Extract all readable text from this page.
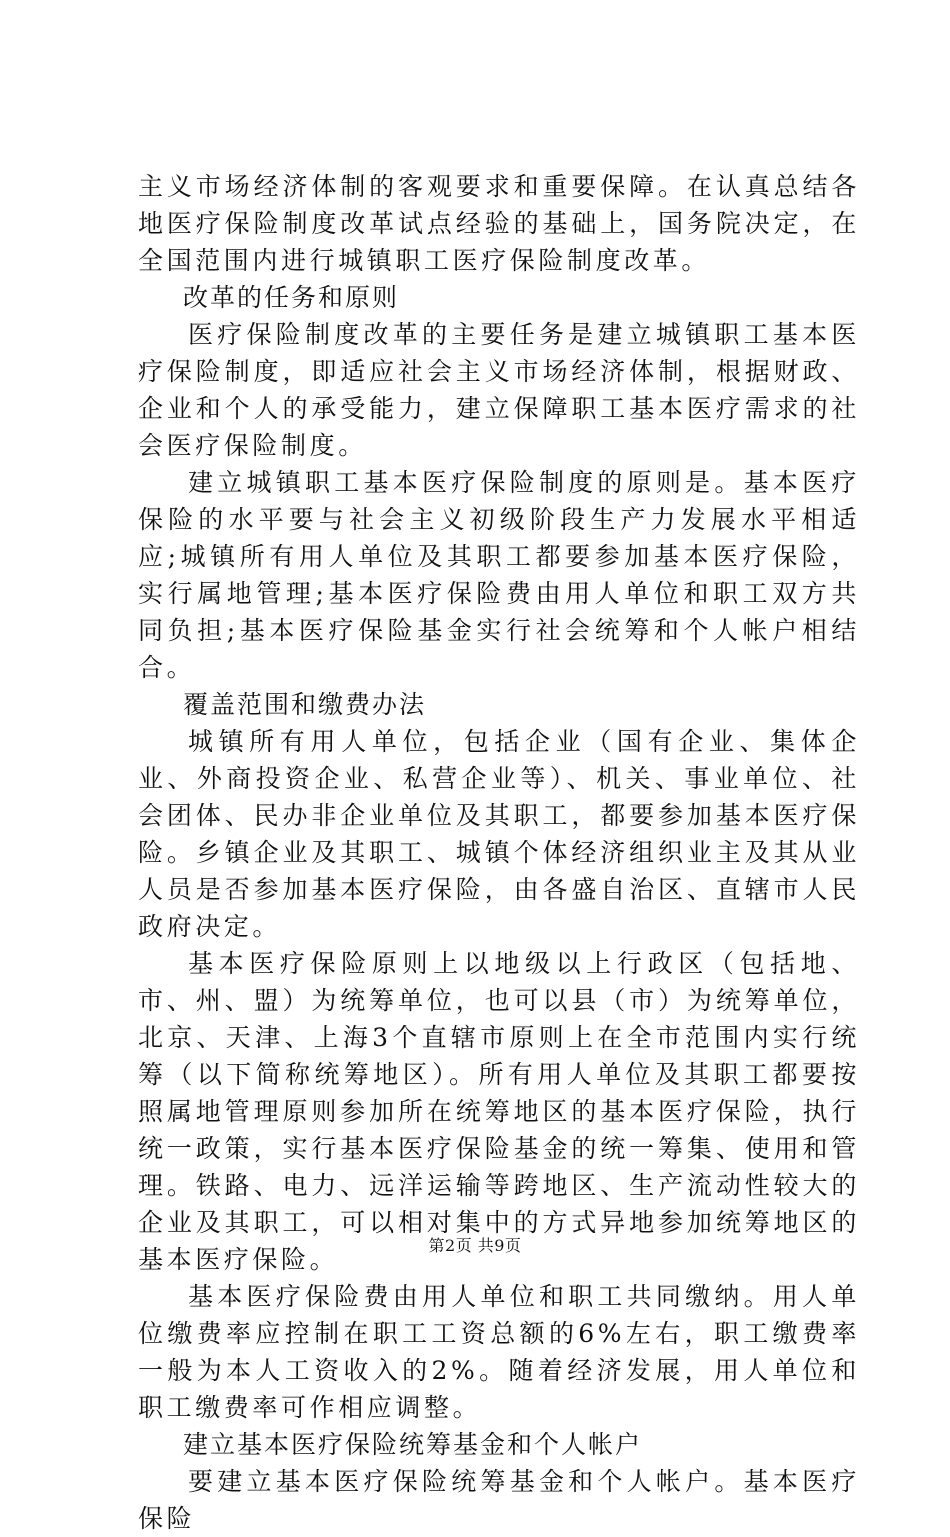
主义市场经济体制的客观要求和重要保障。在认真总结各地医疗保险制度改革试点经验的基础上，国务院决定，在全国范围内进行城镇职工医疗保险制度改革。

改革的任务和原则

医疗保险制度改革的主要任务是建立城镇职工基本医疗保险制度，即适应社会主义市场经济体制，根据财政、企业和个人的承受能力，建立保障职工基本医疗需求的社会医疗保险制度。

建立城镇职工基本医疗保险制度的原则是。基本医疗保险的水平要与社会主义初级阶段生产力发展水平相适应;城镇所有用人单位及其职工都要参加基本医疗保险，实行属地管理;基本医疗保险费由用人单位和职工双方共同负担;基本医疗保险基金实行社会统筹和个人帐户相结合。

覆盖范围和缴费办法

城镇所有用人单位，包括企业（国有企业、集体企业、外商投资企业、私营企业等）、机关、事业单位、社会团体、民办非企业单位及其职工，都要参加基本医疗保险。乡镇企业及其职工、城镇个体经济组织业主及其从业人员是否参加基本医疗保险，由各盛自治区、直辖市人民政府决定。

基本医疗保险原则上以地级以上行政区（包括地、市、州、盟）为统筹单位，也可以县（市）为统筹单位，北京、天津、上海3个直辖市原则上在全市范围内实行统筹（以下简称统筹地区）。所有用人单位及其职工都要按照属地管理原则参加所在统筹地区的基本医疗保险，执行统一政策，实行基本医疗保险基金的统一筹集、使用和管理。铁路、电力、远洋运输等跨地区、生产流动性较大的企业及其职工，可以相对集中的方式异地参加统筹地区的基本医疗保险。

基本医疗保险费由用人单位和职工共同缴纳。用人单位缴费率应控制在职工工资总额的6%左右，职工缴费率一般为本人工资收入的2%。随着经济发展，用人单位和职工缴费率可作相应调整。

建立基本医疗保险统筹基金和个人帐户

要建立基本医疗保险统筹基金和个人帐户。基本医疗保险

第2页 共9页
